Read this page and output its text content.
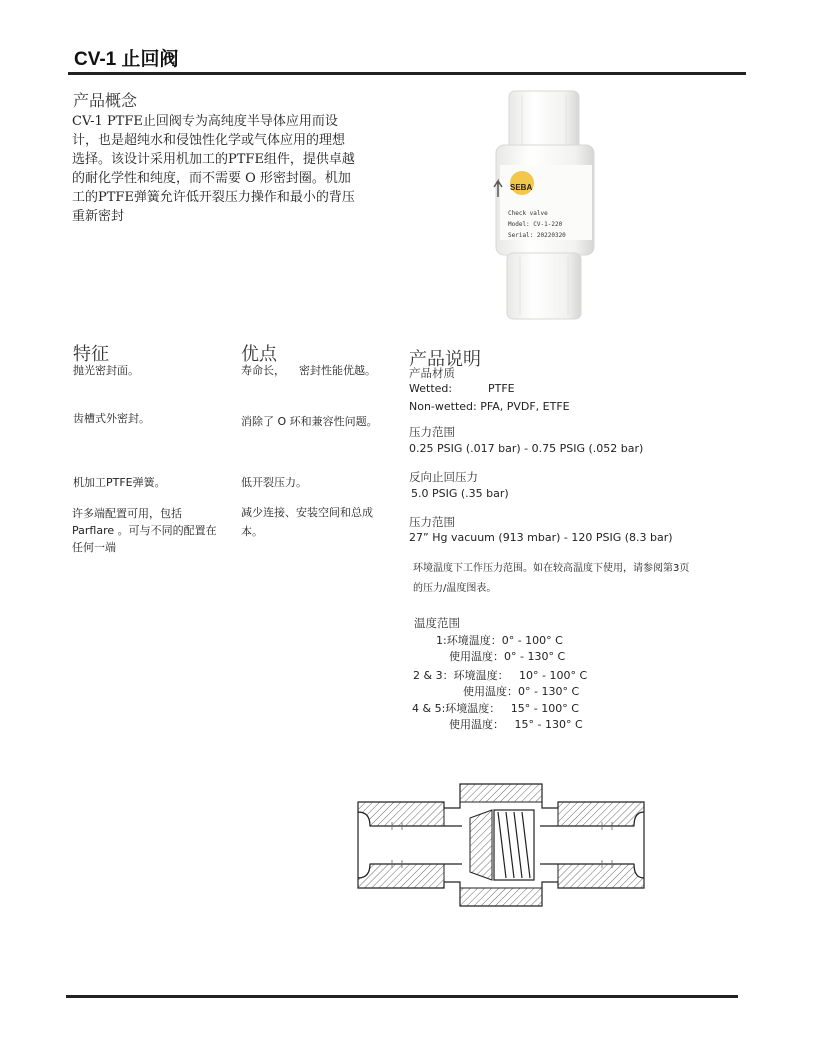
CV-1 止回阀
产品概念
CV-1 PTFE止回阀专为高纯度半导体应用而设计，也是超纯水和侵蚀性化学或气体应用的理想选择。该设计采用机加工的PTFE组件，提供卓越的耐化学性和纯度，而不需要 O 形密封圈。机加工的PTFE弹簧允许低开裂压力操作和最小的背压重新密封
SEBA
Check valve
Model: CV-1-220
Serial: 20220320
特征
抛光密封面。
齿槽式外密封。
机加工PTFE弹簧。
许多端配置可用，包括 Parflare 。可与不同的配置在任何一端
优点
寿命长，    密封性能优越。
消除了 O 环和兼容性问题。
低开裂压力。
减少连接、安装空间和总成本。
产品说明
产品材质
Wetted:	PTFE
Non-wetted: PFA, PVDF, ETFE
压力范围
0.25 PSIG (.017 bar) - 0.75 PSIG (.052 bar)
反向止回压力
5.0 PSIG (.35 bar)
压力范围
27” Hg vacuum (913 mbar) - 120 PSIG (8.3 bar)
环境温度下工作压力范围。如在较高温度下使用，请参阅第3页
的压力/温度图表。
温度范围
1:环境温度：0° - 100° C
使用温度：0° - 130° C
2 & 3：环境温度：   10° - 100° C
使用温度：0° - 130° C
4 & 5:环境温度：   15° - 100° C
使用温度：   15° - 130° C
